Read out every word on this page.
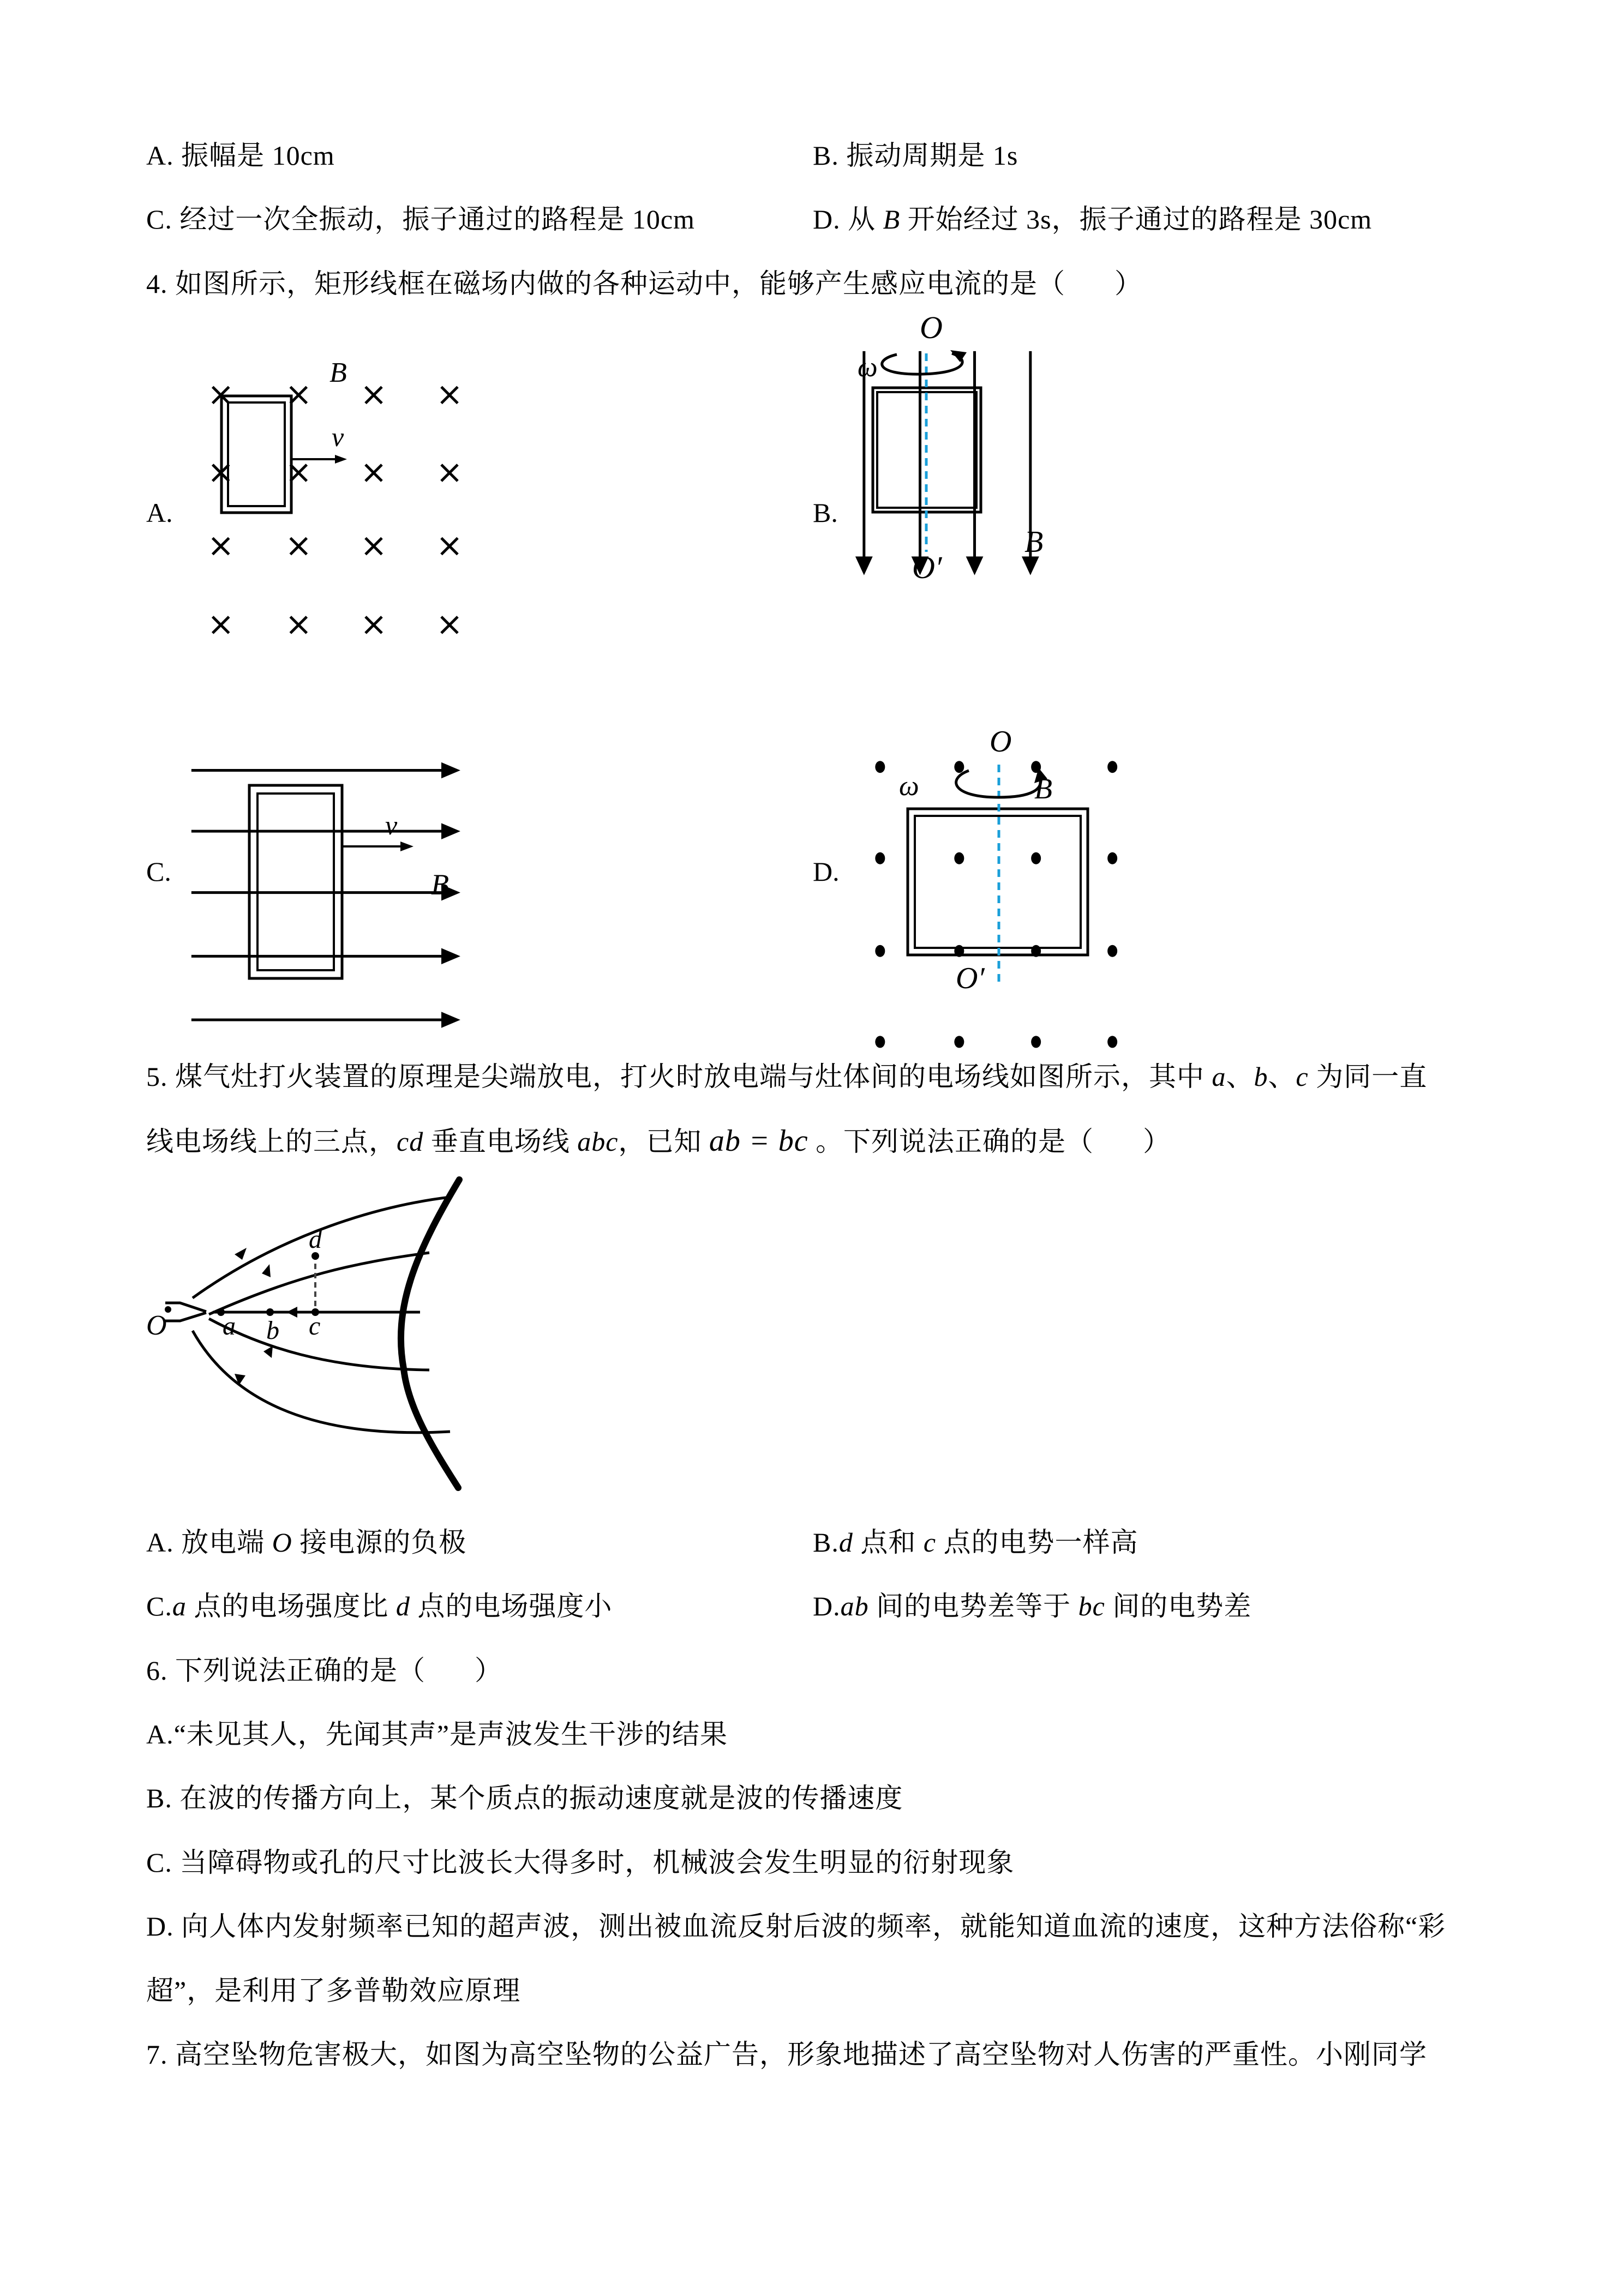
A. 振幅是 10cm	B. 振动周期是 1s
C. 经过一次全振动，振子通过的路程是 10cm	D. 从 B 开始经过 3s，振子通过的路程是 30cm
4. 如图所示，矩形线框在磁场内做的各种运动中，能够产生感应电流的是（ ）
A.
v
B
B.
O
O′
ω
B
C.
v
B	D.
O
O′
ω	B
5. 煤气灶打火装置的原理是尖端放电，打火时放电端与灶体间的电场线如图所示，其中 a、b、c 为同一直
线电场线上的三点，cd 垂直电场线 abc，已知 ab = bc 。下列说法正确的是（ ）
O a b c
d
A. 放电端 O 接电源的负极	B.d 点和 c 点的电势一样高
C.a 点的电场强度比 d 点的电场强度小	D.ab 间的电势差等于 bc 间的电势差
6. 下列说法正确的是（ ）
A.“未见其人，先闻其声”是声波发生干涉的结果
B. 在波的传播方向上，某个质点的振动速度就是波的传播速度
C. 当障碍物或孔的尺寸比波长大得多时，机械波会发生明显的衍射现象
D. 向人体内发射频率已知的超声波，测出被血流反射后波的频率，就能知道血流的速度，这种方法俗称“彩
超”，是利用了多普勒效应原理
7. 高空坠物危害极大，如图为高空坠物的公益广告，形象地描述了高空坠物对人伤害的严重性。小刚同学
